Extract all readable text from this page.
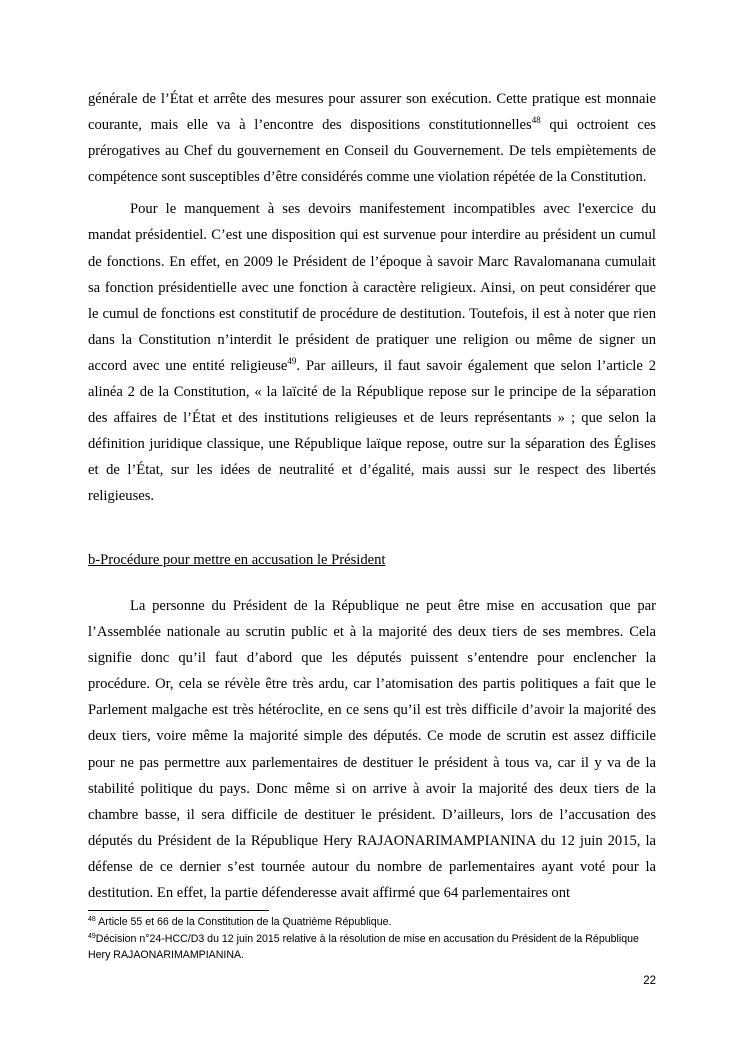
générale de l’État et arrête des mesures pour assurer son exécution. Cette pratique est monnaie courante, mais elle va à l’encontre des dispositions constitutionnelles$^{48}$ qui octroient ces prérogatives au Chef du gouvernement en Conseil du Gouvernement. De tels empiètements de compétence sont susceptibles d’être considérés comme une violation répétée de la Constitution.

Pour le manquement à ses devoirs manifestement incompatibles avec l'exercice du mandat présidentiel. C’est une disposition qui est survenue pour interdire au président un cumul de fonctions. En effet, en 2009 le Président de l’époque à savoir Marc Ravalomanana cumulait sa fonction présidentielle avec une fonction à caractère religieux. Ainsi, on peut considérer que le cumul de fonctions est constitutif de procédure de destitution. Toutefois, il est à noter que rien dans la Constitution n’interdit le président de pratiquer une religion ou même de signer un accord avec une entité religieuse$^{49}$. Par ailleurs, il faut savoir également que selon l’article 2 alinéa 2 de la Constitution, « la laïcité de la République repose sur le principe de la séparation des affaires de l’État et des institutions religieuses et de leurs représentants » ; que selon la définition juridique classique, une République laïque repose, outre sur la séparation des Églises et de l’État, sur les idées de neutralité et d’égalité, mais aussi sur le respect des libertés religieuses.

b-Procédure pour mettre en accusation le Président

La personne du Président de la République ne peut être mise en accusation que par l’Assemblée nationale au scrutin public et à la majorité des deux tiers de ses membres. Cela signifie donc qu’il faut d’abord que les députés puissent s’entendre pour enclencher la procédure. Or, cela se révèle être très ardu, car l’atomisation des partis politiques a fait que le Parlement malgache est très hétéroclite, en ce sens qu’il est très difficile d’avoir la majorité des deux tiers, voire même la majorité simple des députés. Ce mode de scrutin est assez difficile pour ne pas permettre aux parlementaires de destituer le président à tous va, car il y va de la stabilité politique du pays. Donc même si on arrive à avoir la majorité des deux tiers de la chambre basse, il sera difficile de destituer le président. D’ailleurs, lors de l’accusation des députés du Président de la République Hery RAJAONARIMAMPIANINA du 12 juin 2015, la défense de ce dernier s’est tournée autour du nombre de parlementaires ayant voté pour la destitution. En effet, la partie défenderesse avait affirmé que 64 parlementaires ont

$^{48}$ Article 55 et 66 de la Constitution de la Quatrième République.

$^{49}$Décision n°24-HCC/D3 du 12 juin 2015 relative à la résolution de mise en accusation du Président de la République Hery RAJAONARIMAMPIANINA.

22
